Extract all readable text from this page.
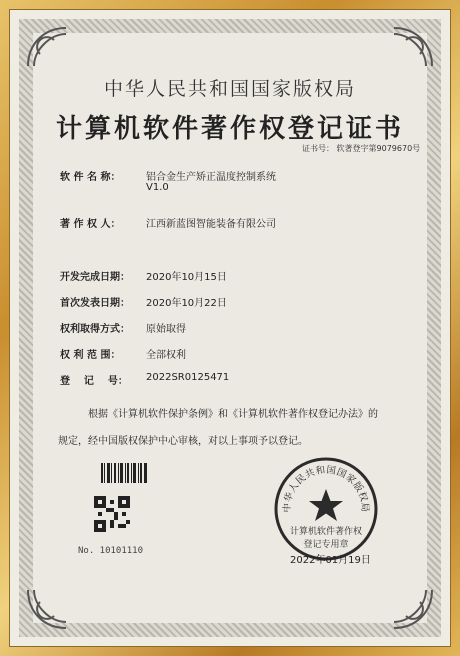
中华人民共和国国家版权局
计算机软件著作权登记证书
证书号： 软著登字第9079670号
软 件 名 称：	铝合金生产矫正温度控制系统
V1.0
著 作 权 人：	江西新蓝图智能装备有限公司
开发完成日期： 2020年10月15日
首次发表日期： 2020年10月22日
权利取得方式： 原始取得
权 利 范 围：	全部权利
登    记    号： 2022SR0125471
根据《计算机软件保护条例》和《计算机软件著作权登记办法》的
规定，经中国版权保护中心审核，对以上事项予以登记。
No. 10101110
中华人民共和国国家版权局
计算机软件著作权
登记专用章
2022年01月19日
